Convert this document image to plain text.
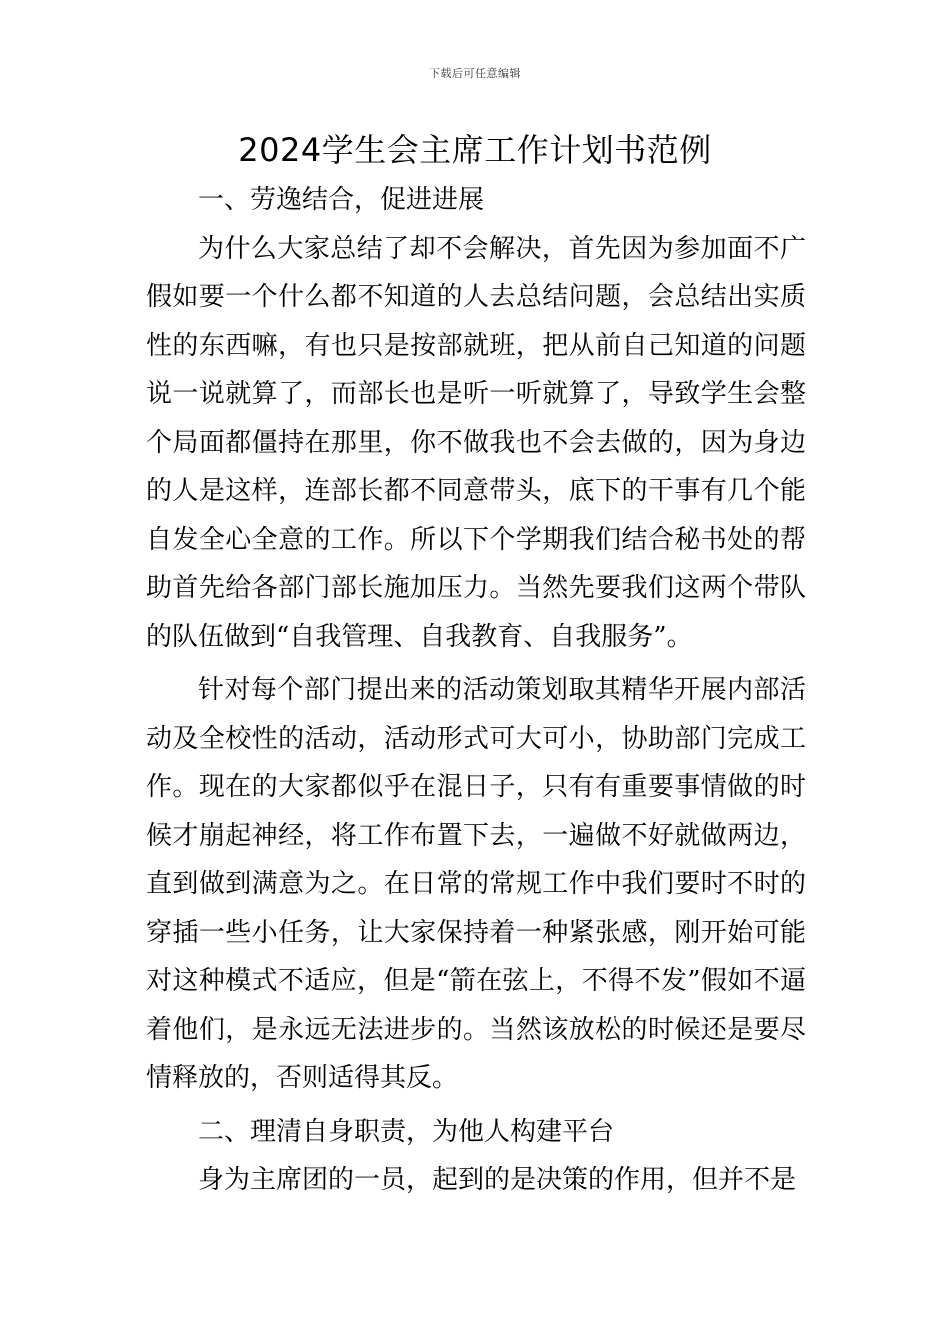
下载后可任意编辑
2024学生会主席工作计划书范例

一、劳逸结合，促进进展

为什么大家总结了却不会解决，首先因为参加面不广假如要一个什么都不知道的人去总结问题，会总结出实质性的东西嘛，有也只是按部就班，把从前自己知道的问题说一说就算了，而部长也是听一听就算了，导致学生会整个局面都僵持在那里，你不做我也不会去做的，因为身边的人是这样，连部长都不同意带头，底下的干事有几个能自发全心全意的工作。所以下个学期我们结合秘书处的帮助首先给各部门部长施加压力。当然先要我们这两个带队的队伍做到“自我管理、自我教育、自我服务”。

针对每个部门提出来的活动策划取其精华开展内部活动及全校性的活动，活动形式可大可小，协助部门完成工作。现在的大家都似乎在混日子，只有有重要事情做的时候才崩起神经，将工作布置下去，一遍做不好就做两边，直到做到满意为之。在日常的常规工作中我们要时不时的穿插一些小任务，让大家保持着一种紧张感，刚开始可能对这种模式不适应，但是“箭在弦上，不得不发”假如不逼着他们，是永远无法进步的。当然该放松的时候还是要尽情释放的，否则适得其反。

二、理清自身职责，为他人构建平台

身为主席团的一员，起到的是决策的作用，但并不是
